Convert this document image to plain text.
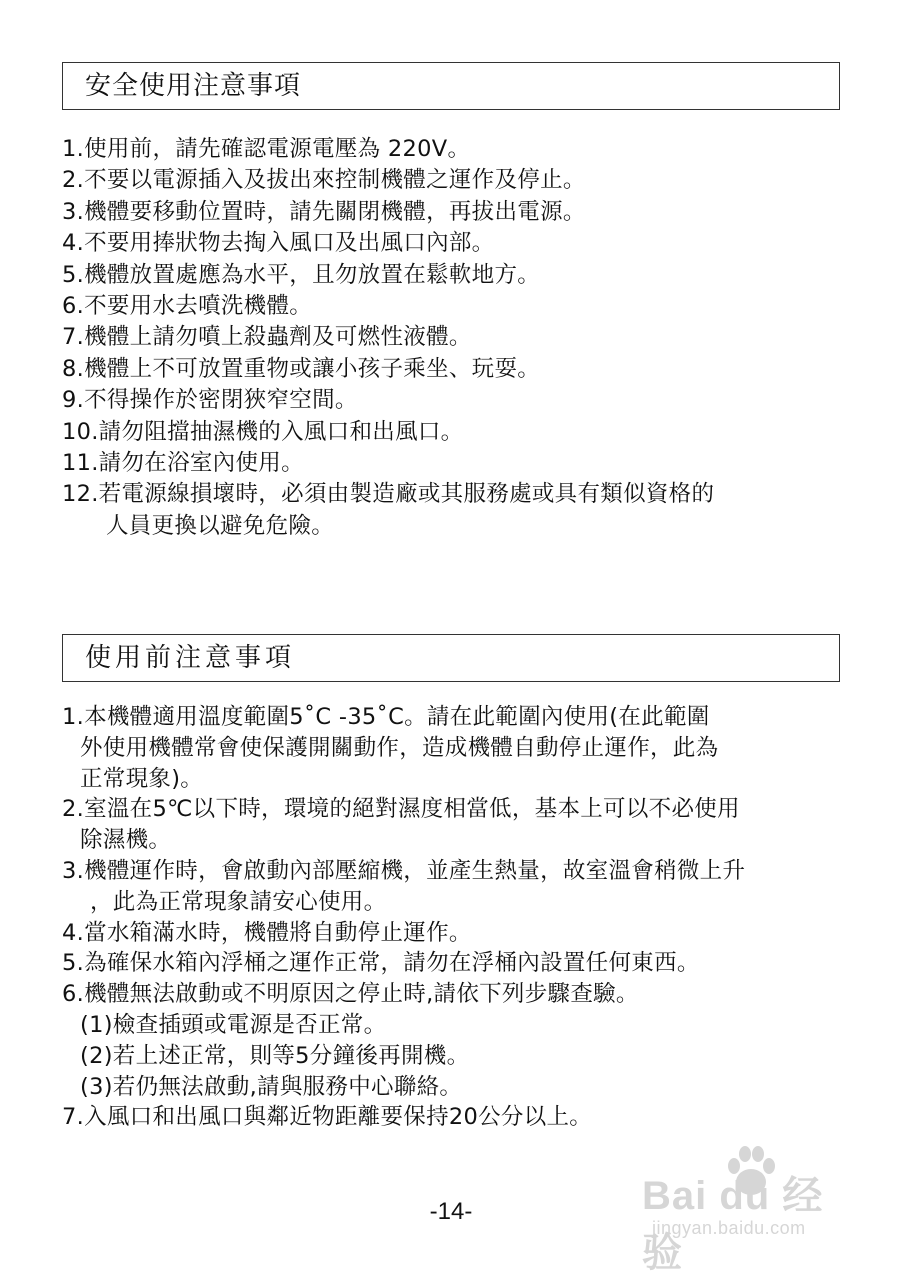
安全使用注意事項
1.使用前，請先確認電源電壓為 220V。
2.不要以電源插入及拔出來控制機體之運作及停止。
3.機體要移動位置時，請先關閉機體，再拔出電源。
4.不要用捧狀物去掏入風口及出風口內部。
5.機體放置處應為水平，且勿放置在鬆軟地方。
6.不要用水去噴洗機體。
7.機體上請勿噴上殺蟲劑及可燃性液體。
8.機體上不可放置重物或讓小孩子乘坐、玩耍。
9.不得操作於密閉狹窄空間。
10.請勿阻擋抽濕機的入風口和出風口。
11.請勿在浴室內使用。
12.若電源線損壞時，必須由製造廠或其服務處或具有類似資格的
人員更換以避免危險。
使用前注意事項
1.本機體適用溫度範圍5˚C -35˚C。請在此範圍內使用(在此範圍
外使用機體常會使保護開關動作，造成機體自動停止運作，此為
正常現象)。
2.室溫在5℃以下時，環境的絕對濕度相當低，基本上可以不必使用
除濕機。
3.機體運作時，會啟動內部壓縮機，並產生熱量，故室溫會稍微上升
，此為正常現象請安心使用。
4.當水箱滿水時，機體將自動停止運作。
5.為確保水箱內浮桶之運作正常，請勿在浮桶內設置任何東西。
6.機體無法啟動或不明原因之停止時,請依下列步驟查驗。
(1)檢查插頭或電源是否正常。
(2)若上述正常，則等5分鐘後再開機。
(3)若仍無法啟動,請與服務中心聯絡。
7.入風口和出風口與鄰近物距離要保持20公分以上。
-14-	Bai du 经验
jingyan.baidu.com
